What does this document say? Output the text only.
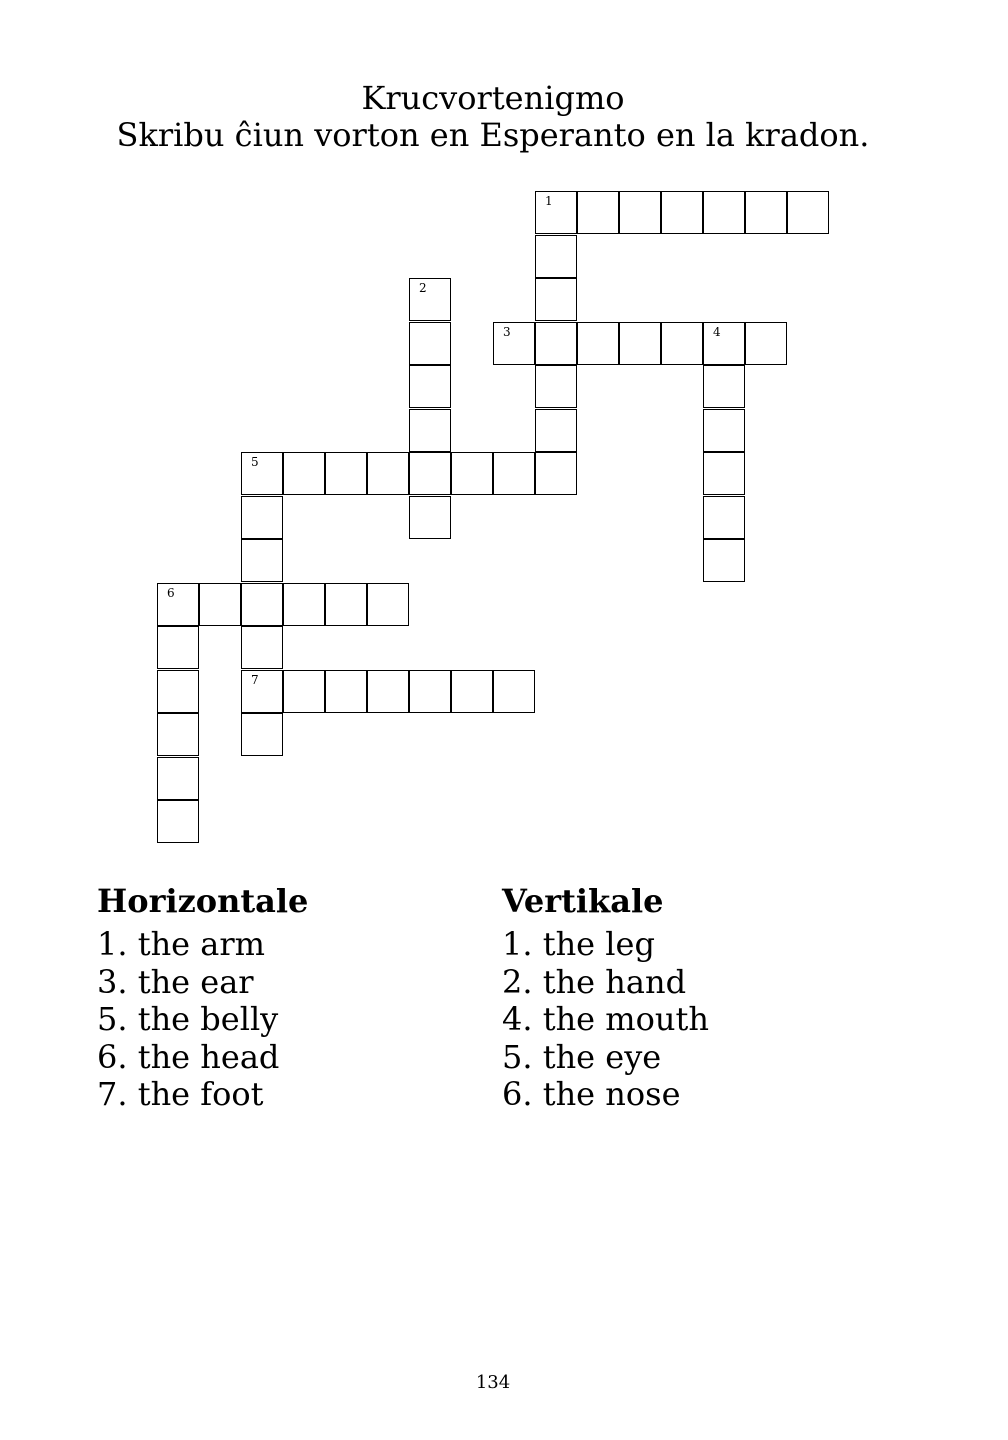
Krucvortenigmo
Skribu ĉiun vorton en Esperanto en la kradon.
1
2
3	4
5
7
6
Horizontale
1. the arm
3. the ear
5. the belly
6. the head
7. the foot
Vertikale
1. the leg
2. the hand
4. the mouth
5. the eye
6. the nose
134
